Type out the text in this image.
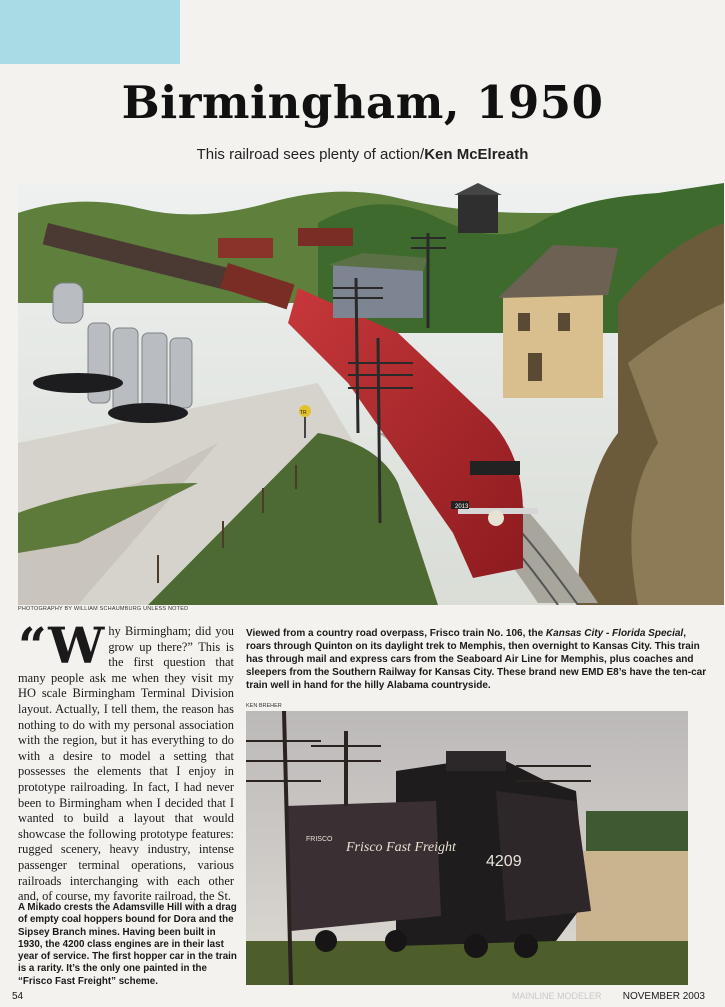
Birmingham, 1950
This railroad sees plenty of action/Ken McElreath
2013
TR
PHOTOGRAPHY BY WILLIAM SCHAUMBURG UNLESS NOTED
“Why Birmingham; did you grow up there?” This is the first question that many people ask me when they visit my HO scale Birmingham Terminal Division layout. Actually, I tell them, the reason has nothing to do with my personal association with the region, but it has everything to do with a desire to model a setting that possesses the elements that I enjoy in prototype railroading. In fact, I had never been to Birmingham when I decided that I wanted to build a layout that would showcase the following prototype features: rugged scenery, heavy industry, intense passenger terminal operations, various railroads interchanging with each other and, of course, my favorite railroad, the St.
Viewed from a country road overpass, Frisco train No. 106, the Kansas City - Florida Special, roars through Quinton on its daylight trek to Memphis, then overnight to Kansas City. This train has through mail and express cars from the Seaboard Air Line for Memphis, plus coaches and sleepers from the Southern Railway for Kansas City. These brand new EMD E8’s have the ten-car train well in hand for the hilly Alabama countryside.
KEN BREHER
Frisco Fast Freight
FRISCO
4209
A Mikado crests the Adamsville Hill with a drag of empty coal hoppers bound for Dora and the Sipsey Branch mines. Having been built in 1930, the 4200 class engines are in their last year of service. The first hopper car in the train is a rarity. It’s the only one painted in the “Frisco Fast Freight” scheme.
54	MAINLINE MODELER NOVEMBER 2003
